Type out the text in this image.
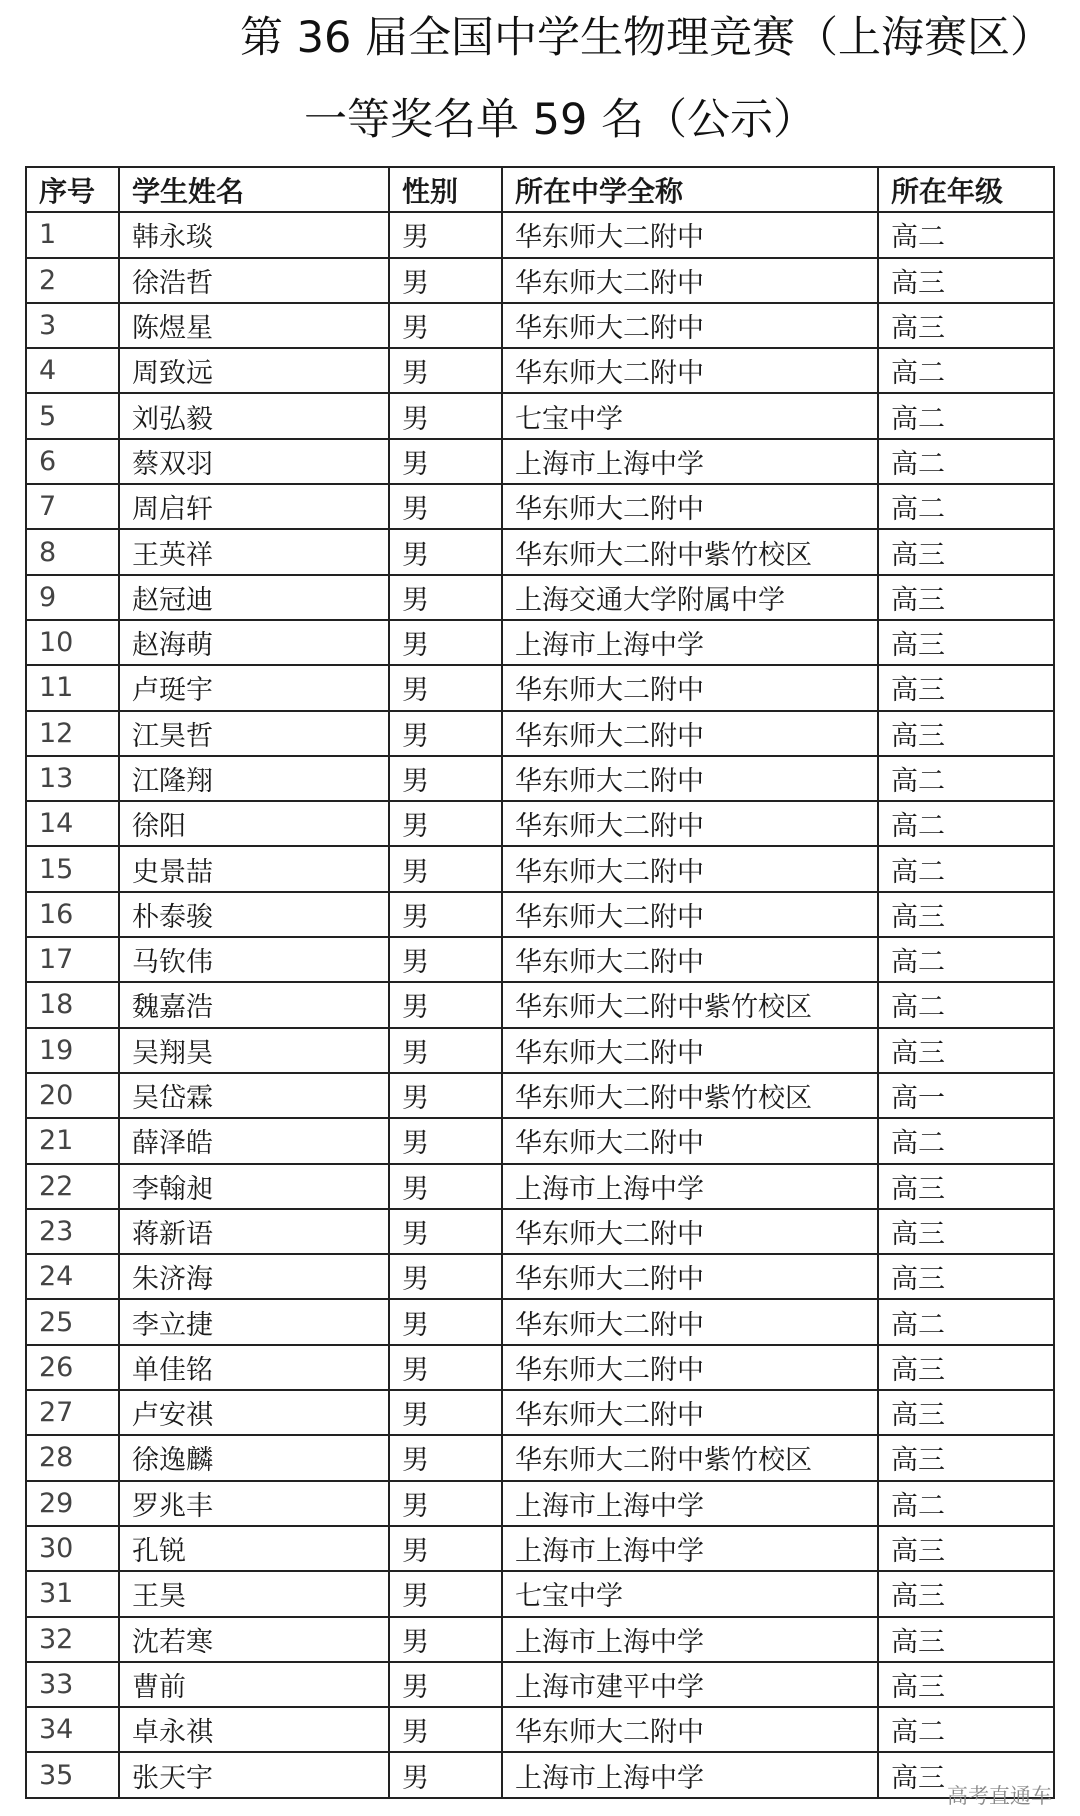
第 36 届全国中学生物理竞赛（上海赛区）
一等奖名单 59 名（公示）
序号	学生姓名	性别	所在中学全称	所在年级
1	韩永琰	男	华东师大二附中	高二
2	徐浩哲	男	华东师大二附中	高三
3	陈煜星	男	华东师大二附中	高三
4	周致远	男	华东师大二附中	高二
5	刘弘毅	男	七宝中学	高二
6	蔡双羽	男	上海市上海中学	高二
7	周启轩	男	华东师大二附中	高二
8	王英祥	男	华东师大二附中紫竹校区	高三
9	赵冠迪	男	上海交通大学附属中学	高三
10	赵海萌	男	上海市上海中学	高三
11	卢珽宇	男	华东师大二附中	高三
12	江昊哲	男	华东师大二附中	高三
13	江隆翔	男	华东师大二附中	高二
14	徐阳	男	华东师大二附中	高二
15	史景喆	男	华东师大二附中	高二
16	朴泰骏	男	华东师大二附中	高三
17	马钦伟	男	华东师大二附中	高二
18	魏嘉浩	男	华东师大二附中紫竹校区	高二
19	吴翔昊	男	华东师大二附中	高三
20	吴岱霖	男	华东师大二附中紫竹校区	高一
21	薛泽皓	男	华东师大二附中	高二
22	李翰昶	男	上海市上海中学	高三
23	蒋新语	男	华东师大二附中	高三
24	朱济海	男	华东师大二附中	高三
25	李立捷	男	华东师大二附中	高二
26	单佳铭	男	华东师大二附中	高三
27	卢安祺	男	华东师大二附中	高三
28	徐逸麟	男	华东师大二附中紫竹校区	高三
29	罗兆丰	男	上海市上海中学	高二
30	孔锐	男	上海市上海中学	高三
31	王昊	男	七宝中学	高三
32	沈若寒	男	上海市上海中学	高三
33	曹前	男	上海市建平中学	高三
34	卓永祺	男	华东师大二附中	高二
35	张天宇	男	上海市上海中学	高三
高考直通车
